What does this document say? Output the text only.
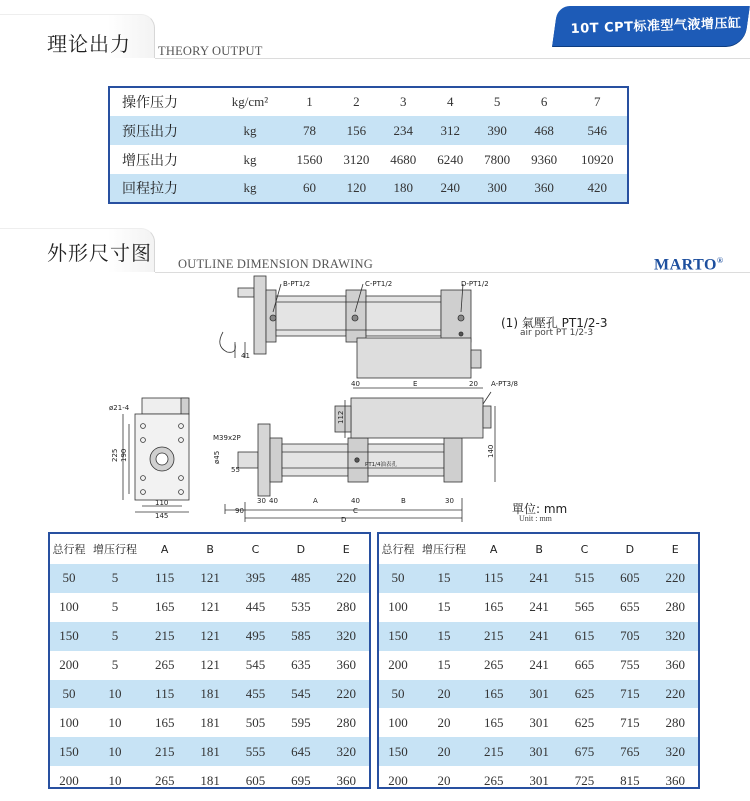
10T CPT标准型气液增压缸
理论出力 THEORY OUTPUT
操作压力	kg/cm²	1	2	3	4	5	6	7
预压出力	kg	78	156	234	312	390	468	546
增压出力	kg	1560	3120	4680	6240	7800	9360	10920
回程拉力	kg	60	120	180	240	300	360	420
外形尺寸图 OUTLINE DIMENSION DRAWING	MARTO®
B-PT1/2	C-PT1/2	D-PT1/2
41
ø21-4
225 190
110
145
M39x2P
ø45
55
112
140
40	E	20 A-PT3/8
PT1/4油表孔
90
30 40	A	40	B	30
C
D
(1) 氣壓孔 PT1/2-3
air port PT 1/2-3
單位: mm
Unit : mm
总行程	增压行程	A	B	C	D	E
50	5	115	121	395	485	220
100	5	165	121	445	535	280
150	5	215	121	495	585	320
200	5	265	121	545	635	360
50	10	115	181	455	545	220
100	10	165	181	505	595	280
150	10	215	181	555	645	320
200	10	265	181	605	695	360
总行程	增压行程	A	B	C	D	E
50	15	115	241	515	605	220
100	15	165	241	565	655	280
150	15	215	241	615	705	320
200	15	265	241	665	755	360
50	20	165	301	625	715	220
100	20	165	301	625	715	280
150	20	215	301	675	765	320
200	20	265	301	725	815	360
